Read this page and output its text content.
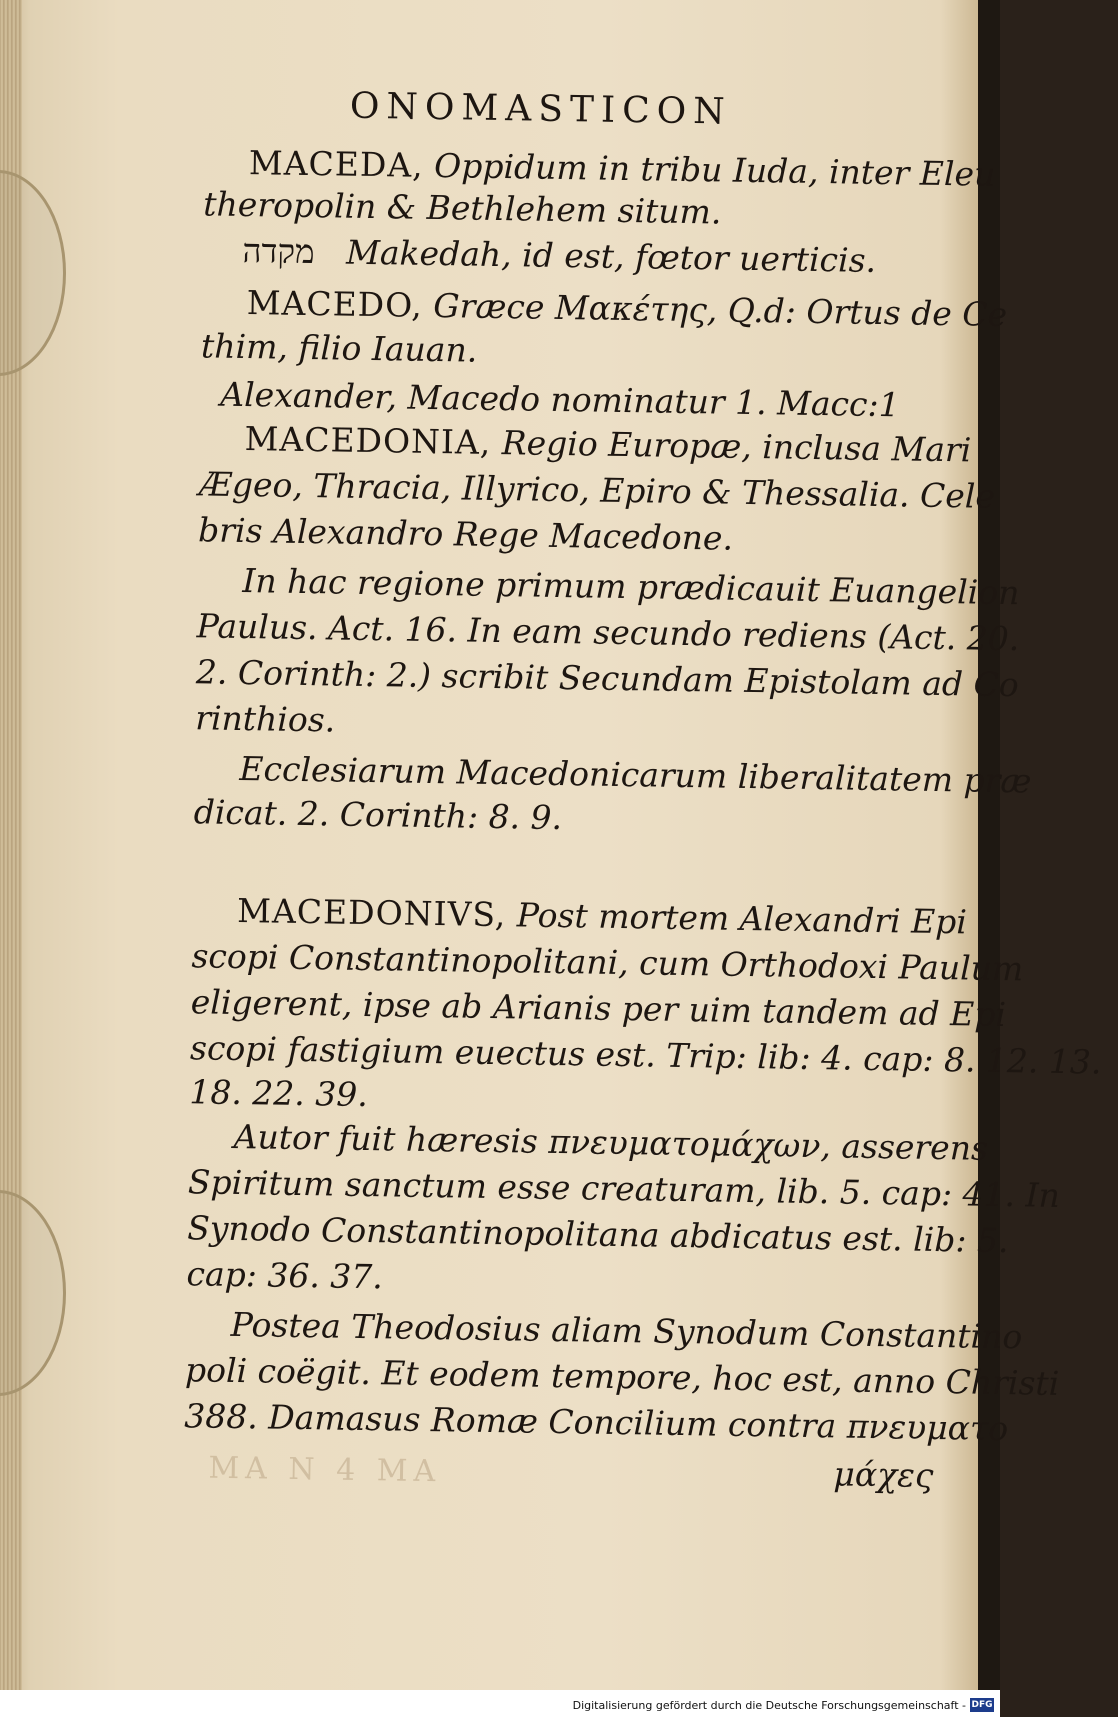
ONOMASTICON
MACEDA, Oppidum in tribu Iuda, inter Eleu
theropolin & Bethlehem situm.
מקדה Makedah, id est, fœtor uerticis.
MACEDO, Græce Μακέτης, Q.d: Ortus de Ce
thim, filio Iauan.
Alexander, Macedo nominatur 1. Macc:1
MACEDONIA, Regio Europæ, inclusa Mari
Ægeo, Thracia, Illyrico, Epiro & Thessalia. Cele
bris Alexandro Rege Macedone.
In hac regione primum prædicauit Euangelion
Paulus. Act. 16. In eam secundo rediens (Act. 20.
2. Corinth: 2.) scribit Secundam Epistolam ad Co
rinthios.
Ecclesiarum Macedonicarum liberalitatem præ
dicat. 2. Corinth: 8. 9.
MACEDONIVS, Post mortem Alexandri Epi
scopi Constantinopolitani, cum Orthodoxi Paulum
eligerent, ipse ab Arianis per uim tandem ad Epi
scopi fastigium euectus est. Trip: lib: 4. cap: 8. 12. 13.
18. 22. 39.
Autor fuit hæresis πνευματομάχων, asserens
Spiritum sanctum esse creaturam, lib. 5. cap: 41. In
Synodo Constantinopolitana abdicatus est. lib: 5.
cap: 36. 37.
Postea Theodosius aliam Synodum Constantino
poli coëgit. Et eodem tempore, hoc est, anno Christi
388. Damasus Romæ Concilium contra πνευματο
MA N 4 MA	μάχες
Digitalisierung gefördert durch die Deutsche Forschungsgemeinschaft - DFG
